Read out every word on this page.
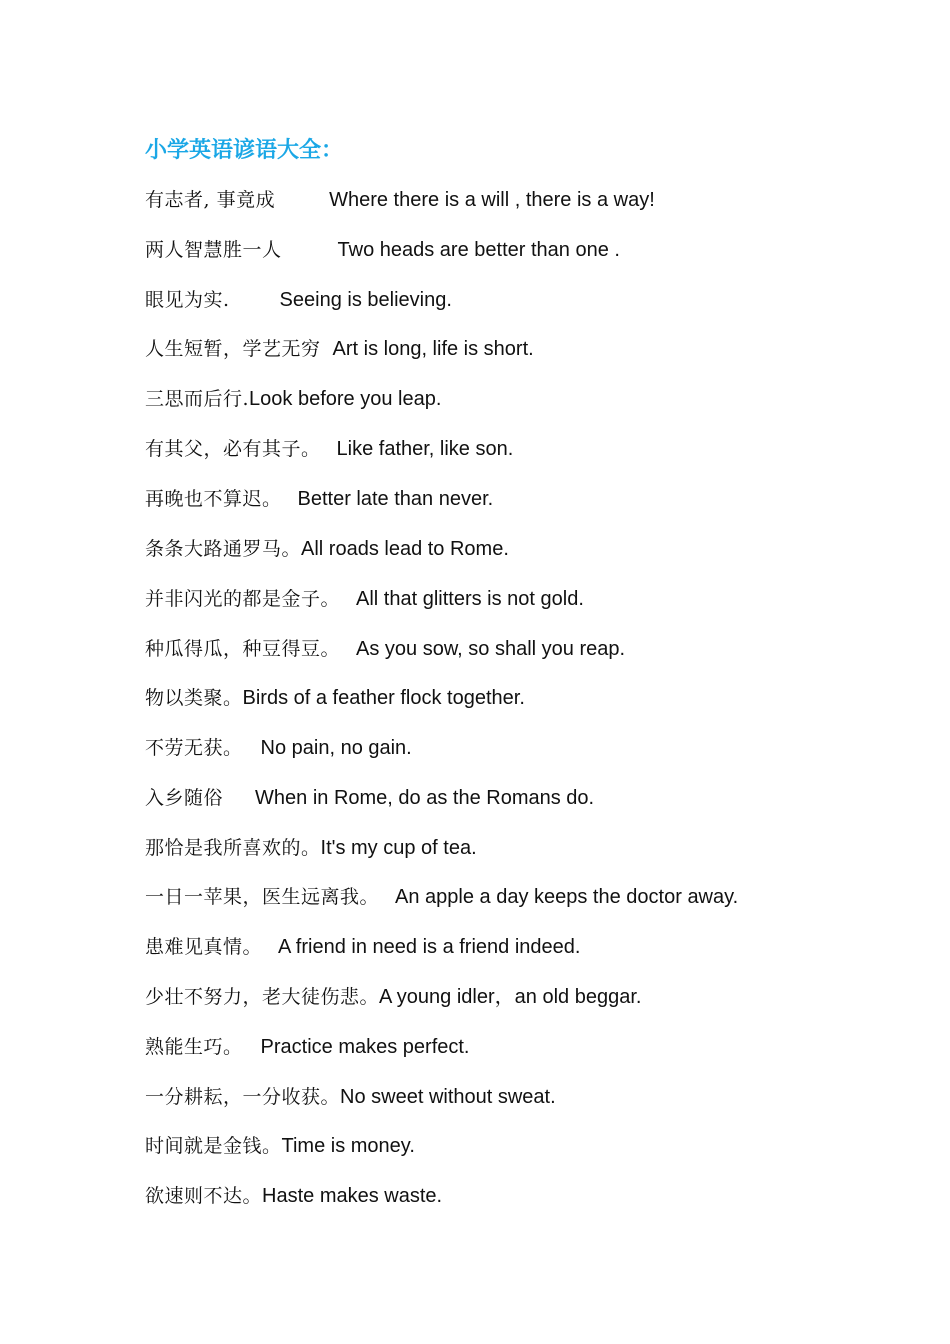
小学英语谚语大全：
有志者, 事竟成	Where there is a will , there is a way!
两人智慧胜一人	Two heads are better than one .
眼见为实.	Seeing is believing.
人生短暂，学艺无穷 Art is long, life is short.
三思而后行.Look before you leap.
有其父，必有其子。 Like father, like son.
再晚也不算迟。 Better late than never.
条条大路通罗马。All roads lead to Rome.
并非闪光的都是金子。 All that glitters is not gold.
种瓜得瓜，种豆得豆。 As you sow, so shall you reap.
物以类聚。Birds of a feather flock together.
不劳无获。 No pain, no gain.
入乡随俗 When in Rome, do as the Romans do.
那恰是我所喜欢的。It's my cup of tea.
一日一苹果，医生远离我。 An apple a day keeps the doctor away.
患难见真情。 A friend in need is a friend indeed.
少壮不努力，老大徒伤悲。A young idler，an old beggar.
熟能生巧。 Practice makes perfect.
一分耕耘，一分收获。No sweet without sweat.
时间就是金钱。Time is money.
欲速则不达。Haste makes waste.
